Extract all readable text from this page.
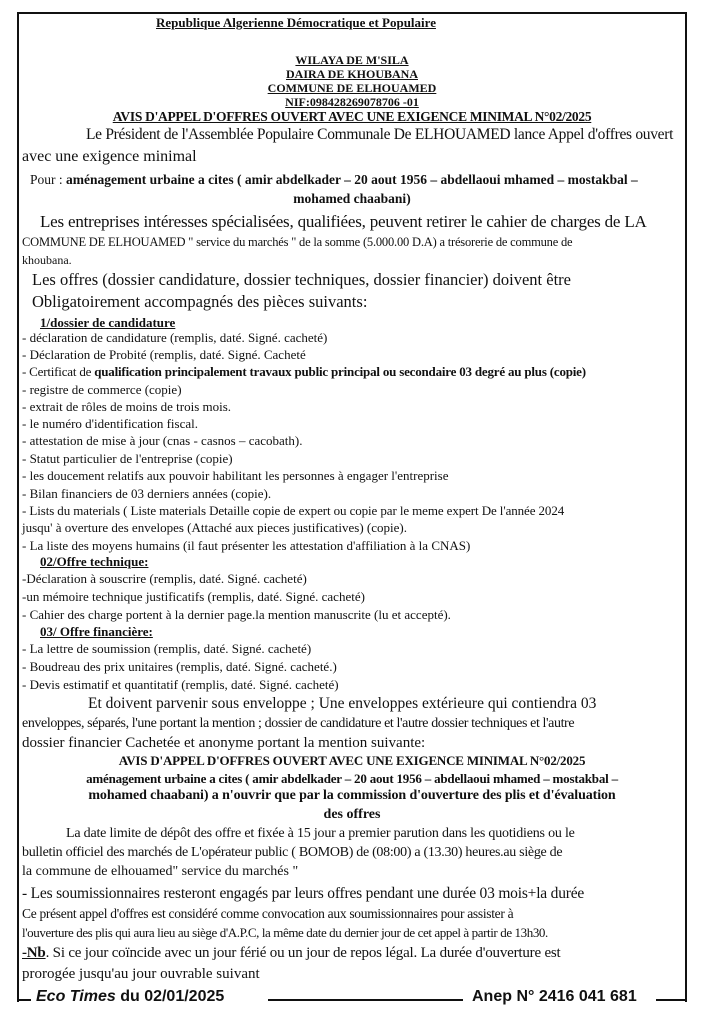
Republique Algerienne Démocratique et Populaire
WILAYA DE M'SILA
DAIRA DE KHOUBANA
COMMUNE DE ELHOUAMED
NIF:098428269078706 -01
AVIS D'APPEL D'OFFRES OUVERT AVEC UNE EXIGENCE MINIMAL N°02/2025
Le Président de l'Assemblée Populaire Communale De ELHOUAMED lance Appel d'offres ouvert
avec une exigence minimal
Pour : aménagement urbaine a cites ( amir abdelkader – 20 aout 1956 – abdellaoui mhamed – mostakbal –
mohamed chaabani)
Les entreprises intéresses spécialisées, qualifiées, peuvent retirer le cahier de charges de LA
COMMUNE DE ELHOUAMED " service du marchés " de la somme (5.000.00 D.A) a trésorerie de commune de
khoubana.
Les offres (dossier candidature, dossier techniques, dossier financier) doivent être
Obligatoirement accompagnés des pièces suivants:
1/dossier de candidature
- déclaration de candidature (remplis, daté. Signé. cacheté)
- Déclaration de Probité (remplis, daté. Signé. Cacheté
- Certificat de qualification principalement travaux public principal ou secondaire 03 degré au plus (copie)
- registre de commerce (copie)
- extrait de rôles de moins de trois mois.
- le numéro d'identification fiscal.
- attestation de mise à jour (cnas - casnos – cacobath).
- Statut particulier de l'entreprise (copie)
- les doucement relatifs aux pouvoir habilitant les personnes à engager l'entreprise
- Bilan financiers de 03 derniers années (copie).
- Lists du materials ( Liste materials Detaille copie de expert ou copie par le meme expert De l'année 2024
jusqu' à overture des envelopes (Attaché aux pieces justificatives) (copie).
- La liste des moyens humains (il faut présenter les attestation d'affiliation à la CNAS)
02/Offre technique:
-Déclaration à souscrire (remplis, daté. Signé. cacheté)
-un mémoire technique justificatifs (remplis, daté. Signé. cacheté)
- Cahier des charge portent à la dernier page.la mention manuscrite (lu et accepté).
03/ Offre financière:
- La lettre de soumission (remplis, daté. Signé. cacheté)
- Boudreau des prix unitaires (remplis, daté. Signé. cacheté.)
- Devis estimatif et quantitatif (remplis, daté. Signé. cacheté)
Et doivent parvenir sous enveloppe ; Une enveloppes extérieure qui contiendra 03
enveloppes, séparés, l'une portant la mention ; dossier de candidature et l'autre dossier techniques et l'autre
dossier financier Cachetée et anonyme portant la mention suivante:
AVIS D'APPEL D'OFFRES OUVERT AVEC UNE EXIGENCE MINIMAL N°02/2025
aménagement urbaine a cites ( amir abdelkader – 20 aout 1956 – abdellaoui mhamed – mostakbal –
mohamed chaabani) a n'ouvrir que par la commission d'ouverture des plis et d'évaluation
des offres
La date limite de dépôt des offre et fixée à 15 jour a premier parution dans les quotidiens ou le
bulletin officiel des marchés de L'opérateur public ( BOMOB) de (08:00) a (13.30) heures.au siège de
la commune de elhouamed" service du marchés "
- Les soumissionnaires resteront engagés par leurs offres pendant une durée 03 mois+la durée
Ce présent appel d'offres est considéré comme convocation aux soumissionnaires pour assister à
l'ouverture des plis qui aura lieu au siège d'A.P.C, la même date du dernier jour de cet appel à partir de 13h30.
-Nb. Si ce jour coïncide avec un jour férié ou un jour de repos légal. La durée d'ouverture est
prorogée jusqu'au jour ouvrable suivant
Eco Times du 02/01/2025	Anep N° 2416 041 681
